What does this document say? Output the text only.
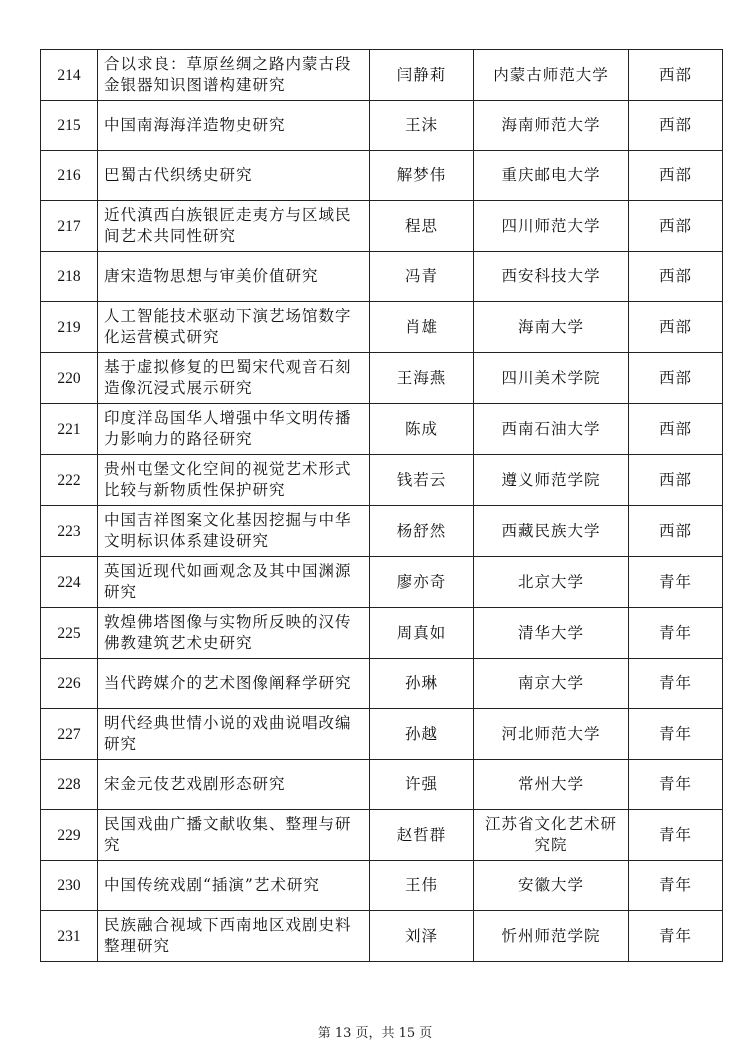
214	合以求良：草原丝绸之路内蒙古段金银器知识图谱构建研究	闫静莉	内蒙古师范大学	西部
215	中国南海海洋造物史研究	王沫	海南师范大学	西部
216	巴蜀古代织绣史研究	解梦伟	重庆邮电大学	西部
217	近代滇西白族银匠走夷方与区域民间艺术共同性研究	程思	四川师范大学	西部
218	唐宋造物思想与审美价值研究	冯青	西安科技大学	西部
219	人工智能技术驱动下演艺场馆数字化运营模式研究	肖雄	海南大学	西部
220	基于虚拟修复的巴蜀宋代观音石刻造像沉浸式展示研究	王海燕	四川美术学院	西部
221	印度洋岛国华人增强中华文明传播力影响力的路径研究	陈成	西南石油大学	西部
222	贵州屯堡文化空间的视觉艺术形式比较与新物质性保护研究	钱若云	遵义师范学院	西部
223	中国吉祥图案文化基因挖掘与中华文明标识体系建设研究	杨舒然	西藏民族大学	西部
224	英国近现代如画观念及其中国渊源研究	廖亦奇	北京大学	青年
225	敦煌佛塔图像与实物所反映的汉传佛教建筑艺术史研究	周真如	清华大学	青年
226	当代跨媒介的艺术图像阐释学研究	孙琳	南京大学	青年
227	明代经典世情小说的戏曲说唱改编研究	孙越	河北师范大学	青年
228	宋金元伎艺戏剧形态研究	许强	常州大学	青年
229	民国戏曲广播文献收集、整理与研究	赵哲群	江苏省文化艺术研究院	青年
230	中国传统戏剧“插演”艺术研究	王伟	安徽大学	青年
231	民族融合视域下西南地区戏剧史料整理研究	刘泽	忻州师范学院	青年
第 13 页，共 15 页
